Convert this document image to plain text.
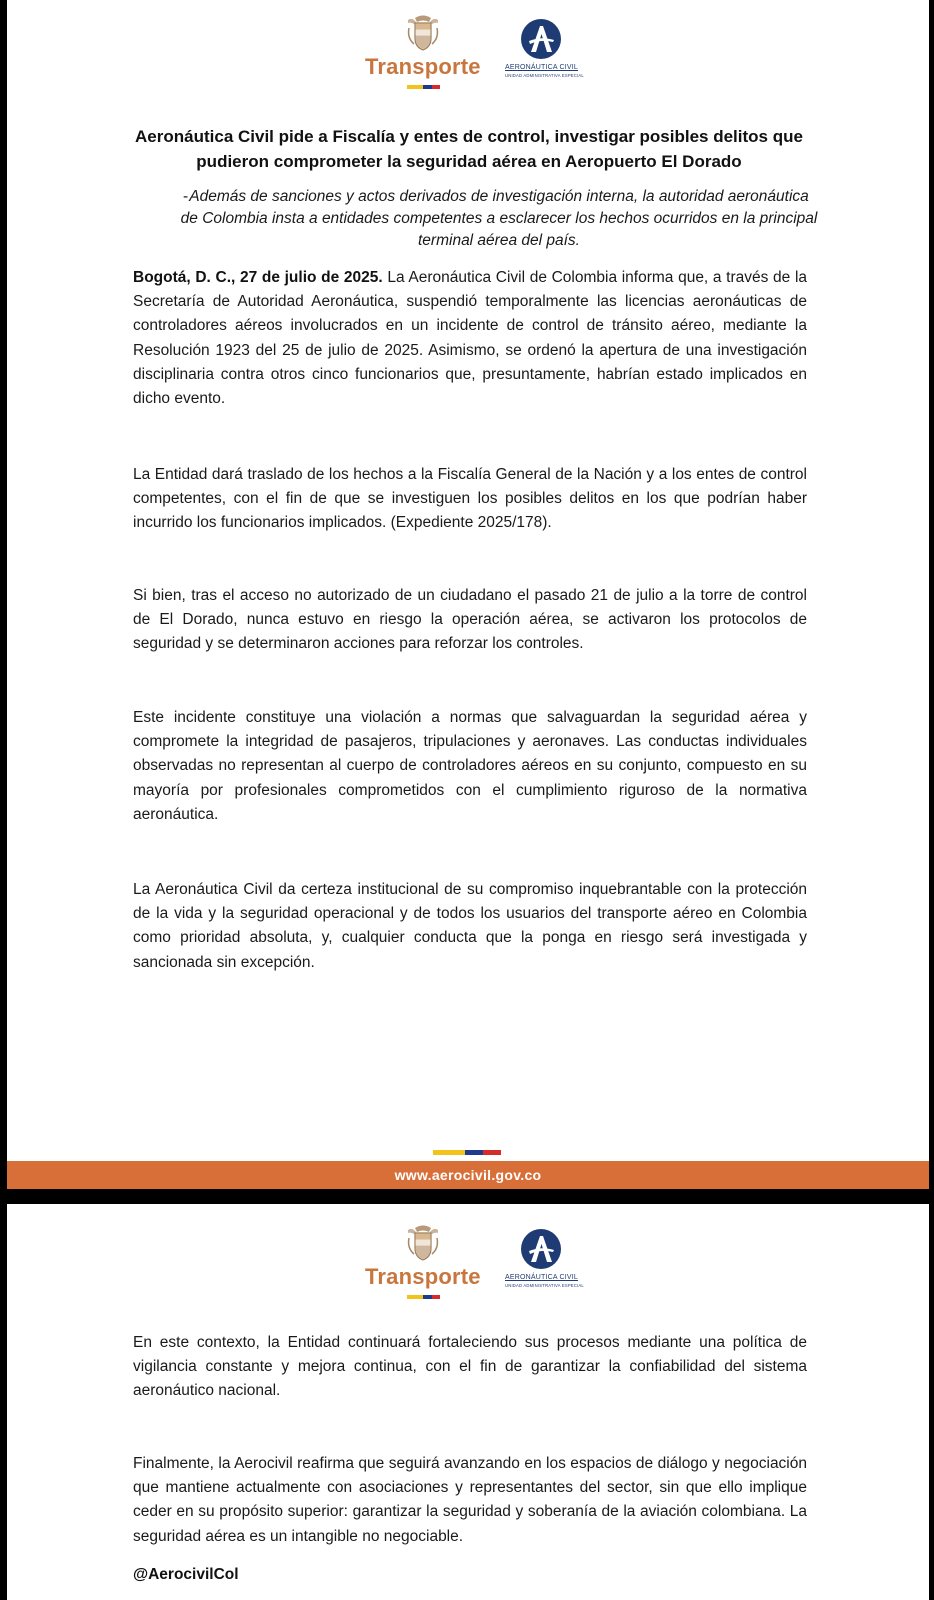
Transporte	AERONÁUTICA CIVIL
UNIDAD ADMINISTRATIVA ESPECIAL
Aeronáutica Civil pide a Fiscalía y entes de control, investigar posibles delitos que pudieron comprometer la seguridad aérea en Aeropuerto El Dorado
- Además de sanciones y actos derivados de investigación interna, la autoridad aeronáutica de Colombia insta a entidades competentes a esclarecer los hechos ocurridos en la principal terminal aérea del país.

Bogotá, D. C., 27 de julio de 2025. La Aeronáutica Civil de Colombia informa que, a través de la Secretaría de Autoridad Aeronáutica, suspendió temporalmente las licencias aeronáuticas de controladores aéreos involucrados en un incidente de control de tránsito aéreo, mediante la Resolución 1923 del 25 de julio de 2025. Asimismo, se ordenó la apertura de una investigación disciplinaria contra otros cinco funcionarios que, presuntamente, habrían estado implicados en dicho evento.

La Entidad dará traslado de los hechos a la Fiscalía General de la Nación y a los entes de control competentes, con el fin de que se investiguen los posibles delitos en los que podrían haber incurrido los funcionarios implicados. (Expediente 2025/178).

Si bien, tras el acceso no autorizado de un ciudadano el pasado 21 de julio a la torre de control de El Dorado, nunca estuvo en riesgo la operación aérea, se activaron los protocolos de seguridad y se determinaron acciones para reforzar los controles.

Este incidente constituye una violación a normas que salvaguardan la seguridad aérea y compromete la integridad de pasajeros, tripulaciones y aeronaves. Las conductas individuales observadas no representan al cuerpo de controladores aéreos en su conjunto, compuesto en su mayoría por profesionales comprometidos con el cumplimiento riguroso de la normativa aeronáutica.

La Aeronáutica Civil da certeza institucional de su compromiso inquebrantable con la protección de la vida y la seguridad operacional y de todos los usuarios del transporte aéreo en Colombia como prioridad absoluta, y, cualquier conducta que la ponga en riesgo será investigada y sancionada sin excepción.

www.aerocivil.gov.co
Transporte	AERONÁUTICA CIVIL
UNIDAD ADMINISTRATIVA ESPECIAL

En este contexto, la Entidad continuará fortaleciendo sus procesos mediante una política de vigilancia constante y mejora continua, con el fin de garantizar la confiabilidad del sistema aeronáutico nacional.

Finalmente, la Aerocivil reafirma que seguirá avanzando en los espacios de diálogo y negociación que mantiene actualmente con asociaciones y representantes del sector, sin que ello implique ceder en su propósito superior: garantizar la seguridad y soberanía de la aviación colombiana. La seguridad aérea es un intangible no negociable.

@AerocivilCol
